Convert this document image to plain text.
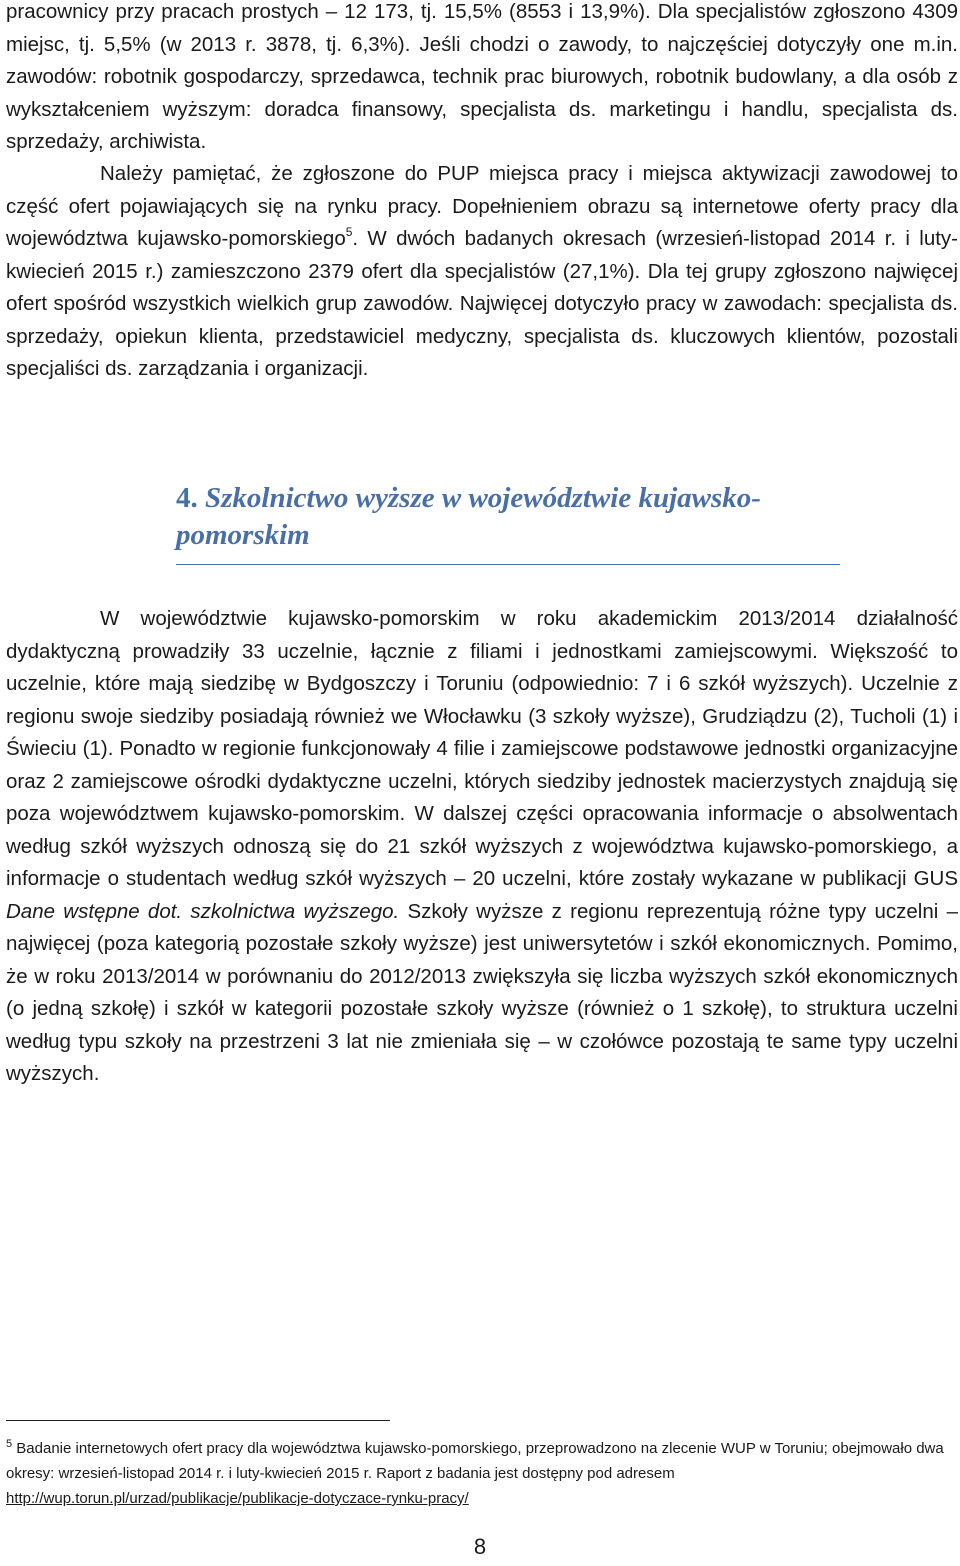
pracownicy przy pracach prostych – 12 173, tj. 15,5% (8553 i 13,9%). Dla specjalistów zgłoszono 4309 miejsc, tj. 5,5% (w 2013 r. 3878, tj. 6,3%). Jeśli chodzi o zawody, to najczęściej dotyczyły one m.in. zawodów: robotnik gospodarczy, sprzedawca, technik prac biurowych, robotnik budowlany, a dla osób z wykształceniem wyższym: doradca finansowy, specjalista ds. marketingu i handlu, specjalista ds. sprzedaży, archiwista.

Należy pamiętać, że zgłoszone do PUP miejsca pracy i miejsca aktywizacji zawodowej to część ofert pojawiających się na rynku pracy. Dopełnieniem obrazu są internetowe oferty pracy dla województwa kujawsko-pomorskiego$^5$. W dwóch badanych okresach (wrzesień-listopad 2014 r. i luty-kwiecień 2015 r.) zamieszczono 2379 ofert dla specjalistów (27,1%). Dla tej grupy zgłoszono najwięcej ofert spośród wszystkich wielkich grup zawodów. Najwięcej dotyczyło pracy w zawodach: specjalista ds. sprzedaży, opiekun klienta, przedstawiciel medyczny, specjalista ds. kluczowych klientów, pozostali specjaliści ds. zarządzania i organizacji.

4. Szkolnictwo wyższe w województwie kujawsko-pomorskim

W województwie kujawsko-pomorskim w roku akademickim 2013/2014 działalność dydaktyczną prowadziły 33 uczelnie, łącznie z filiami i jednostkami zamiejscowymi. Większość to uczelnie, które mają siedzibę w Bydgoszczy i Toruniu (odpowiednio: 7 i 6 szkół wyższych). Uczelnie z regionu swoje siedziby posiadają również we Włocławku (3 szkoły wyższe), Grudziądzu (2), Tucholi (1) i Świeciu (1). Ponadto w regionie funkcjonowały 4 filie i zamiejscowe podstawowe jednostki organizacyjne oraz 2 zamiejscowe ośrodki dydaktyczne uczelni, których siedziby jednostek macierzystych znajdują się poza województwem kujawsko-pomorskim. W dalszej części opracowania informacje o absolwentach według szkół wyższych odnoszą się do 21 szkół wyższych z województwa kujawsko-pomorskiego, a informacje o studentach według szkół wyższych – 20 uczelni, które zostały wykazane w publikacji GUS Dane wstępne dot. szkolnictwa wyższego. Szkoły wyższe z regionu reprezentują różne typy uczelni – najwięcej (poza kategorią pozostałe szkoły wyższe) jest uniwersytetów i szkół ekonomicznych. Pomimo, że w roku 2013/2014 w porównaniu do 2012/2013 zwiększyła się liczba wyższych szkół ekonomicznych (o jedną szkołę) i szkół w kategorii pozostałe szkoły wyższe (również o 1 szkołę), to struktura uczelni według typu szkoły na przestrzeni 3 lat nie zmieniała się – w czołówce pozostają te same typy uczelni wyższych.

$^5$ Badanie internetowych ofert pracy dla województwa kujawsko-pomorskiego, przeprowadzono na zlecenie WUP w Toruniu; obejmowało dwa okresy: wrzesień-listopad 2014 r. i luty-kwiecień 2015 r. Raport z badania jest dostępny pod adresem http://wup.torun.pl/urzad/publikacje/publikacje-dotyczace-rynku-pracy/

8
